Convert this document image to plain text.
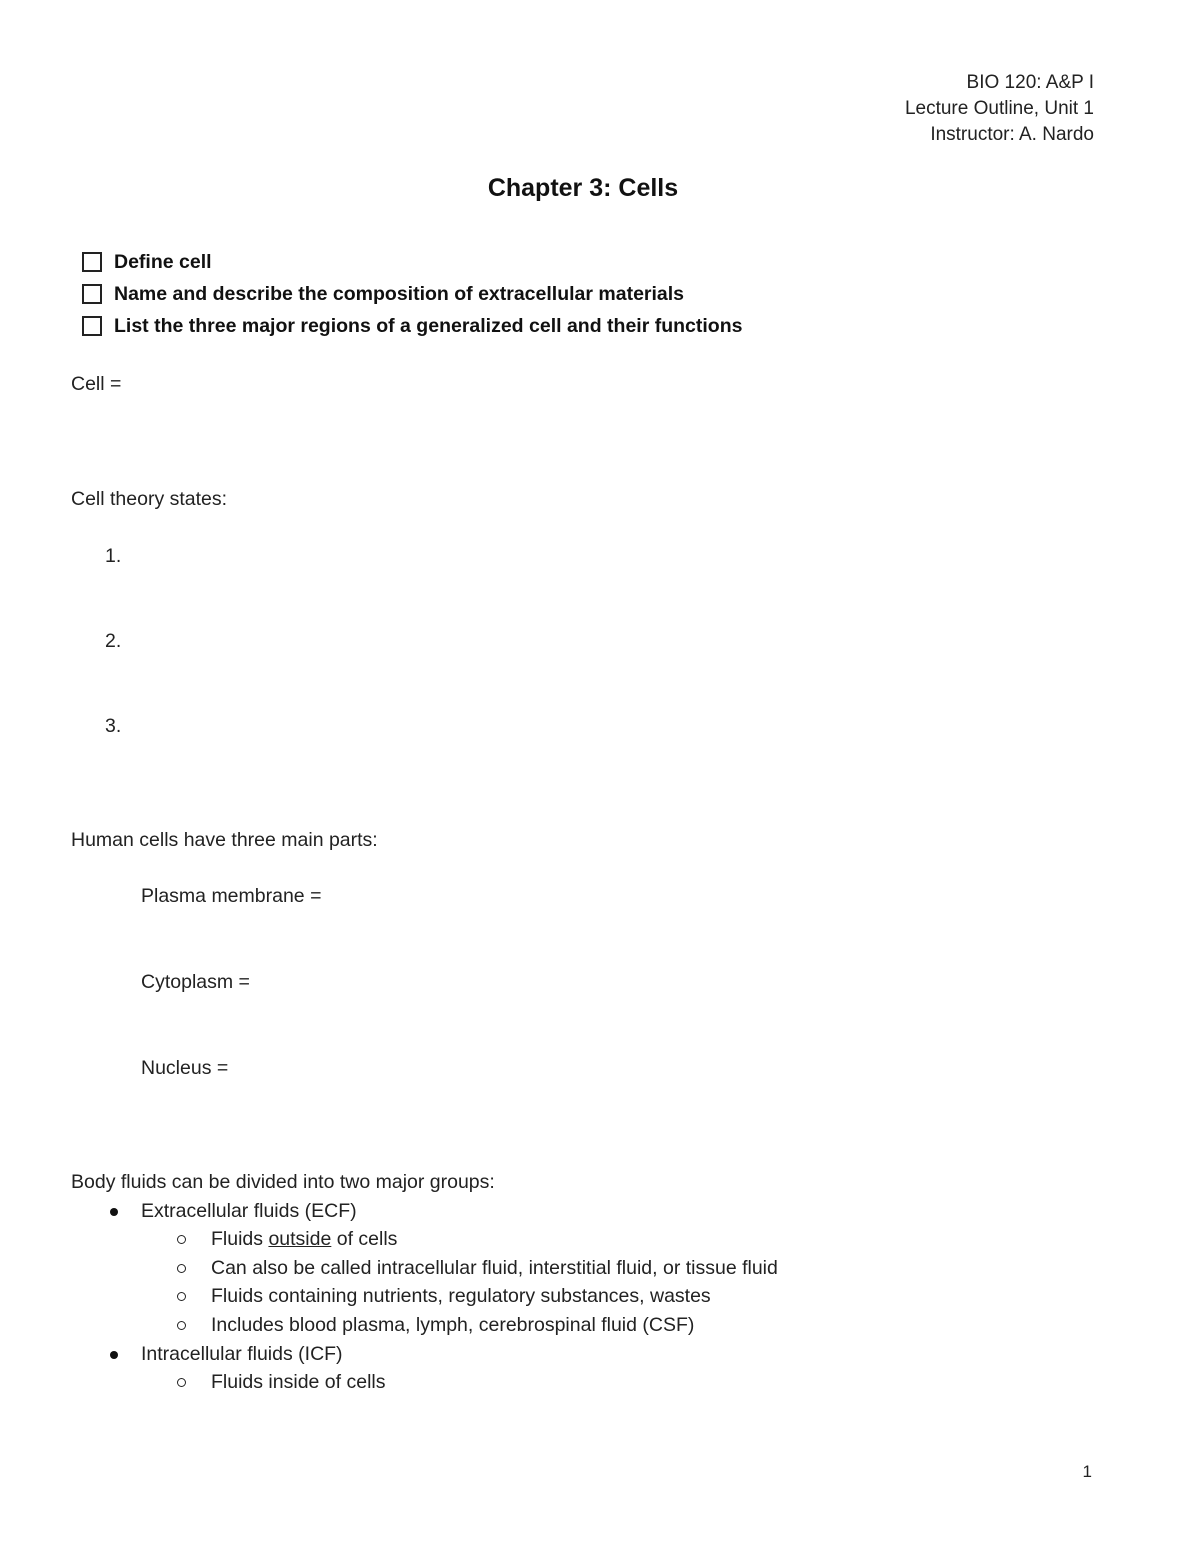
BIO 120: A&P I
Lecture Outline, Unit 1
Instructor: A. Nardo
Chapter 3: Cells
Define cell
Name and describe the composition of extracellular materials
List the three major regions of a generalized cell and their functions
Cell =
Cell theory states:
1.
2.
3.
Human cells have three main parts:
Plasma membrane =
Cytoplasm =
Nucleus =
Body fluids can be divided into two major groups:
Extracellular fluids (ECF)
Fluids outside of cells
Can also be called intracellular fluid, interstitial fluid, or tissue fluid
Fluids containing nutrients, regulatory substances, wastes
Includes blood plasma, lymph, cerebrospinal fluid (CSF)
Intracellular fluids (ICF)
Fluids inside of cells
1
